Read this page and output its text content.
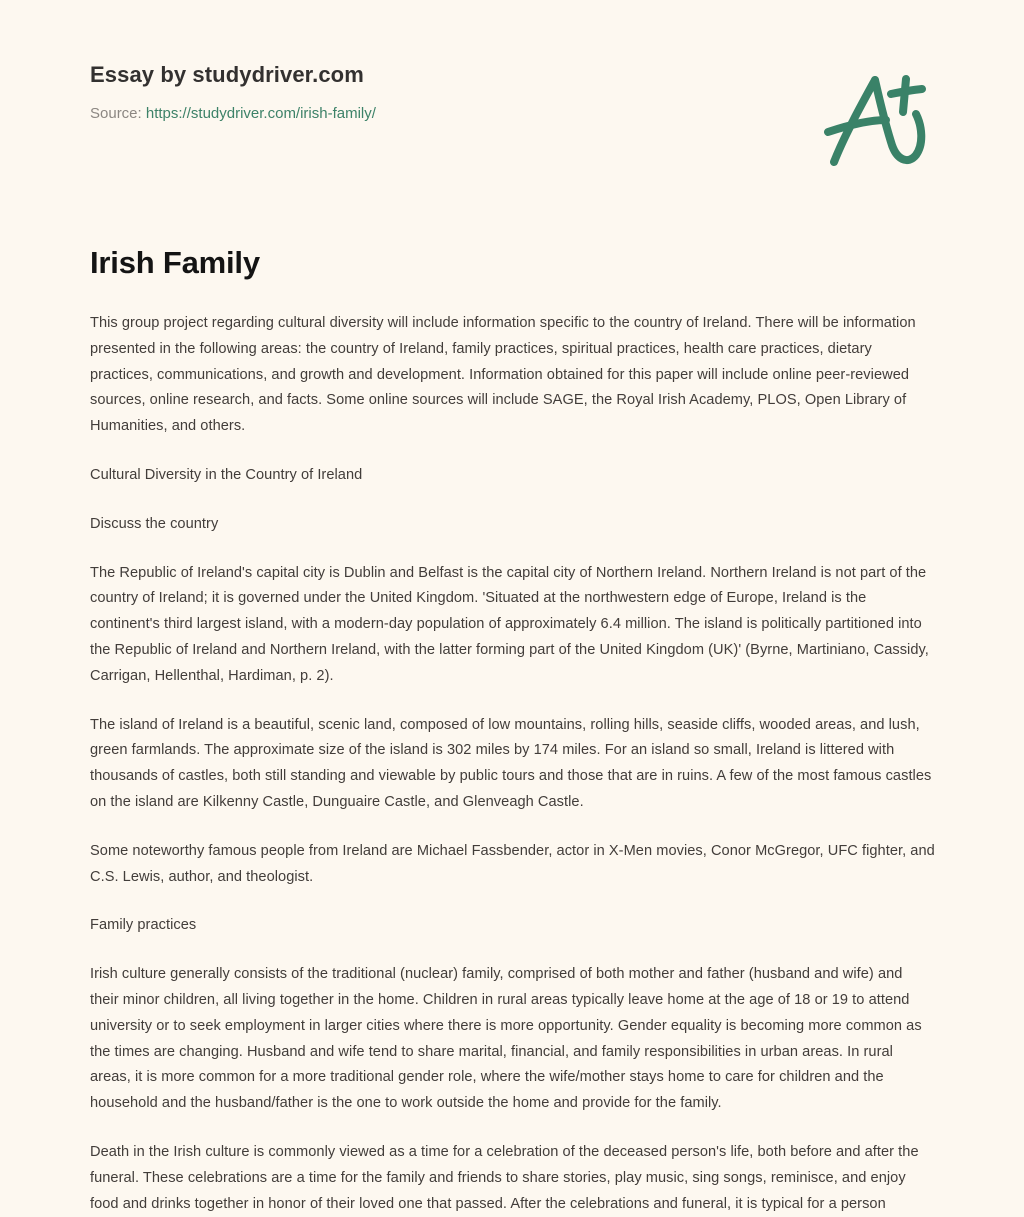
Essay by studydriver.com
Source: https://studydriver.com/irish-family/
Irish Family

This group project regarding cultural diversity will include information specific to the country of Ireland. There will be information presented in the following areas: the country of Ireland, family practices, spiritual practices, health care practices, dietary practices, communications, and growth and development. Information obtained for this paper will include online peer-reviewed sources, online research, and facts. Some online sources will include SAGE, the Royal Irish Academy, PLOS, Open Library of Humanities, and others.

Cultural Diversity in the Country of Ireland

Discuss the country

The Republic of Ireland's capital city is Dublin and Belfast is the capital city of Northern Ireland. Northern Ireland is not part of the country of Ireland; it is governed under the United Kingdom. 'Situated at the northwestern edge of Europe, Ireland is the continent's third largest island, with a modern-day population of approximately 6.4 million. The island is politically partitioned into the Republic of Ireland and Northern Ireland, with the latter forming part of the United Kingdom (UK)' (Byrne, Martiniano, Cassidy, Carrigan, Hellenthal, Hardiman, p. 2).

The island of Ireland is a beautiful, scenic land, composed of low mountains, rolling hills, seaside cliffs, wooded areas, and lush, green farmlands. The approximate size of the island is 302 miles by 174 miles. For an island so small, Ireland is littered with thousands of castles, both still standing and viewable by public tours and those that are in ruins. A few of the most famous castles on the island are Kilkenny Castle, Dunguaire Castle, and Glenveagh Castle.

Some noteworthy famous people from Ireland are Michael Fassbender, actor in X-Men movies, Conor McGregor, UFC fighter, and C.S. Lewis, author, and theologist.

Family practices

Irish culture generally consists of the traditional (nuclear) family, comprised of both mother and father (husband and wife) and their minor children, all living together in the home. Children in rural areas typically leave home at the age of 18 or 19 to attend university or to seek employment in larger cities where there is more opportunity. Gender equality is becoming more common as the times are changing. Husband and wife tend to share marital, financial, and family responsibilities in urban areas. In rural areas, it is more common for a more traditional gender role, where the wife/mother stays home to care for children and the household and the husband/father is the one to work outside the home and provide for the family.

Death in the Irish culture is commonly viewed as a time for a celebration of the deceased person's life, both before and after the funeral. These celebrations are a time for the family and friends to share stories, play music, sing songs, reminisce, and enjoy food and drinks together in honor of their loved one that passed. After the celebrations and funeral, it is typical for a person
